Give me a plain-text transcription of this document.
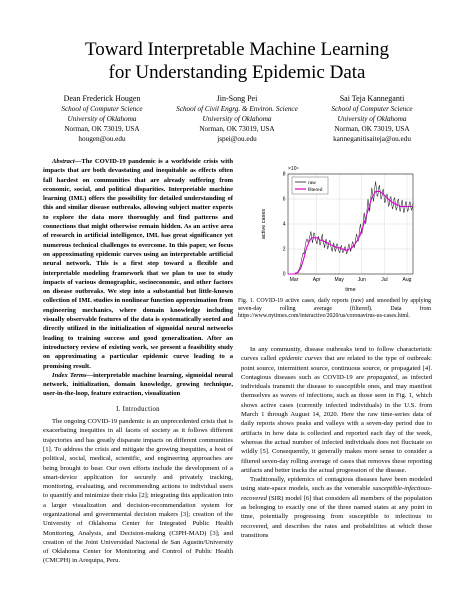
Toward Interpretable Machine Learning
for Understanding Epidemic Data
Dean Frederick Hougen
School of Computer Science
University of Oklahoma
Norman, OK 73019, USA
hougen@ou.edu
Jin-Song Pei
School of Civil Engrg. & Environ. Science
University of Oklahoma
Norman, OK 73019, USA
jspei@ou.edu
Sai Teja Kanneganti
School of Computer Science
University of Oklahoma
Norman, OK 73019, USA
kanneganitisaiteja@ou.edu

Abstract—The COVID-19 pandemic is a worldwide crisis with impacts that are both devastating and inequitable as effects often fall hardest on communities that are already suffering from economic, social, and political disparities. Interpretable machine learning (IML) offers the possibility for detailed understanding of this and similar disease outbreaks, allowing subject matter experts to explore the data more thoroughly and find patterns and connections that might otherwise remain hidden. As an active area of research in artificial intelligence, IML has great significance yet numerous technical challenges to overcome. In this paper, we focus on approximating epidemic curves using an interpretable artificial neural network. This is a first step toward a flexible and interpretable modeling framework that we plan to use to study impacts of various demographic, socioeconomic, and other factors on disease outbreaks. We step into a substantial but little-known collection of IML studies in nonlinear function approximation from engineering mechanics, where domain knowledge including visually observable features of the data is systematically sorted and directly utilized in the initialization of sigmoidal neural networks leading to training success and good generalization. After an introductory review of existing work, we present a feasibility study on approximating a particular epidemic curve leading to a promising result.

Index Terms—interpretable machine learning, sigmoidal neural network, initialization, domain knowledge, growing technique, user-in-the-loop, feature extraction, visualization

I. Introduction

The ongoing COVID-19 pandemic is an unprecedented crisis that is exacerbating inequities in all facets of society as it follows different trajectories and has greatly disparate impacts on different communities [1]. To address the crisis and mitigate the growing inequities, a host of political, social, medical, scientific, and engineering approaches are being brought to bear. Our own efforts include the development of a smart-device application for securely and privately tracking, monitoring, evaluating, and recommending actions to individual users to quantify and minimize their risks [2]; integrating this application into a larger visualization and decision-recommendation system for organizational and governmental decision makers [3]; creation of the University of Oklahoma Center for Integrated Public Health Monitoring, Analysis, and Decision-making (CIPH-MAD) [3]; and creation of the Joint Universidad Nacional de San Agustin/University of Oklahoma Center for Monitoring and Control of Public Health (CMCPH) in Arequipa, Peru.

×10⁴
active cases
time
0
2
4
6
8
Mar	Apr	May	Jun	Jul	Aug
raw
filtered
Fig. 1. COVID-19 active cases, daily reports (raw) and smoothed by applying seven-day rolling average (filtered). Data from https://www.nytimes.com/interactive/2020/us/coronavirus-us-cases.html.

In any community, disease outbreaks tend to follow characteristic curves called epidemic curves that are related to the type of outbreak: point source, intermittent source, continuous source, or propagated [4]. Contagious diseases such as COVID-19 are propagated, as infected individuals transmit the disease to susceptible ones, and may manifest themselves as waves of infections, such as those seen in Fig. 1, which shows active cases (currently infected individuals) in the U.S. from March 1 through August 14, 2020. Here the raw time-series data of daily reports shows peaks and valleys with a seven-day period due to artifacts in how data is collected and reported each day of the week, whereas the actual number of infected individuals does not fluctuate so wildly [5]. Consequently, it generally makes more sense to consider a filtered seven-day rolling average of cases that removes these reporting artifacts and better tracks the actual progression of the disease.

Traditionally, epidemics of contagious diseases have been modeled using state-space models, such as the venerable susceptible-infectious-recovered (SIR) model [6] that considers all members of the population as belonging to exactly one of the three named states at any point in time, potentially progressing from susceptible to infectious to recovered, and describes the rates and probabilities at which those transitions
